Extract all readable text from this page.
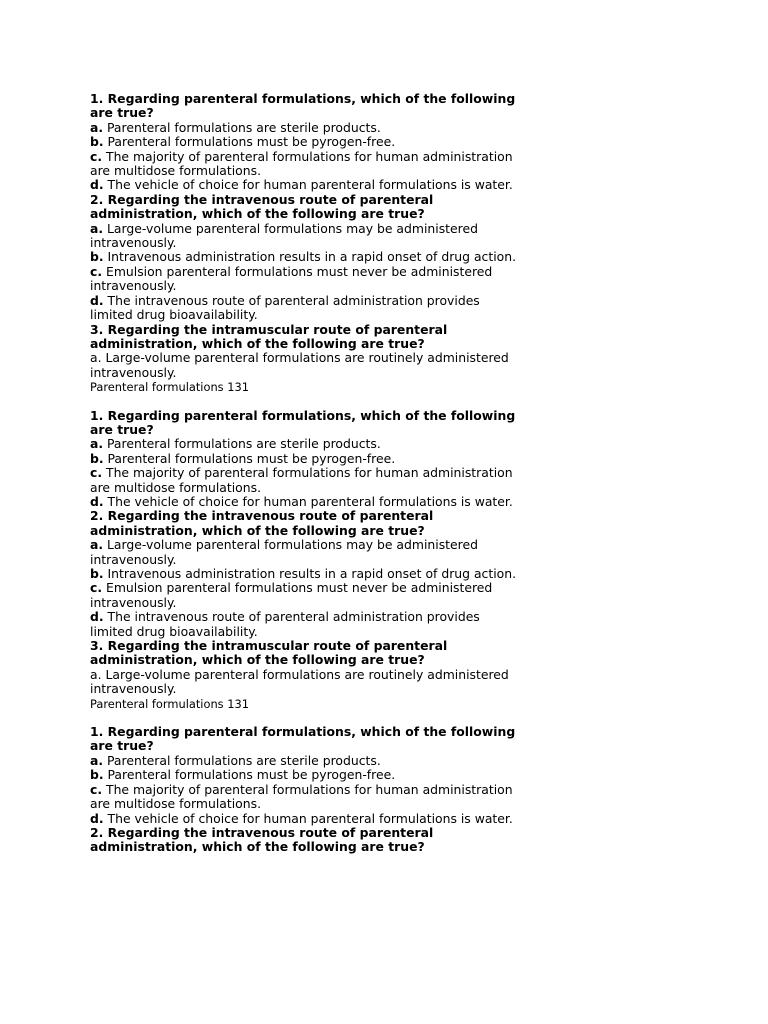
1. Regarding parenteral formulations, which of the following are true?

a. Parenteral formulations are sterile products.

b. Parenteral formulations must be pyrogen-free.

c. The majority of parenteral formulations for human administration are multidose formulations.

d. The vehicle of choice for human parenteral formulations is water.

2. Regarding the intravenous route of parenteral administration, which of the following are true?

a. Large-volume parenteral formulations may be administered intravenously.

b. Intravenous administration results in a rapid onset of drug action.

c. Emulsion parenteral formulations must never be administered intravenously.

d. The intravenous route of parenteral administration provides limited drug bioavailability.

3. Regarding the intramuscular route of parenteral administration, which of the following are true?

a. Large-volume parenteral formulations are routinely administered intravenously.

Parenteral formulations 131

1. Regarding parenteral formulations, which of the following are true?

a. Parenteral formulations are sterile products.

b. Parenteral formulations must be pyrogen-free.

c. The majority of parenteral formulations for human administration are multidose formulations.

d. The vehicle of choice for human parenteral formulations is water.

2. Regarding the intravenous route of parenteral administration, which of the following are true?

a. Large-volume parenteral formulations may be administered intravenously.

b. Intravenous administration results in a rapid onset of drug action.

c. Emulsion parenteral formulations must never be administered intravenously.

d. The intravenous route of parenteral administration provides limited drug bioavailability.

3. Regarding the intramuscular route of parenteral administration, which of the following are true?

a. Large-volume parenteral formulations are routinely administered intravenously.

Parenteral formulations 131

1. Regarding parenteral formulations, which of the following are true?

a. Parenteral formulations are sterile products.

b. Parenteral formulations must be pyrogen-free.

c. The majority of parenteral formulations for human administration are multidose formulations.

d. The vehicle of choice for human parenteral formulations is water.

2. Regarding the intravenous route of parenteral administration, which of the following are true?
